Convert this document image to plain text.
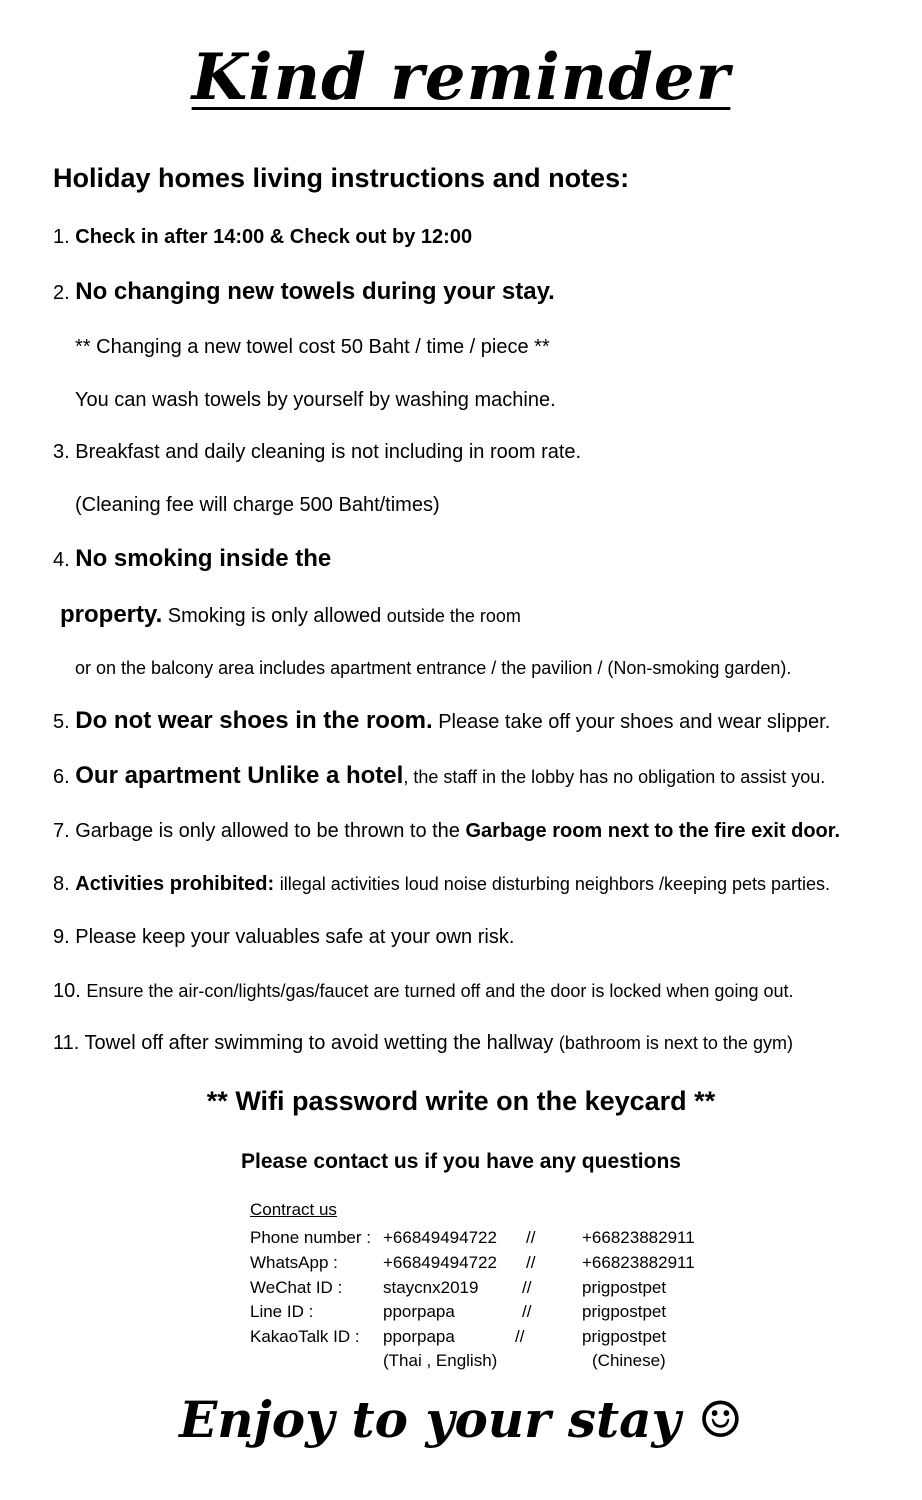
Kind reminder
Holiday homes living instructions and notes:
1. Check in after 14:00 & Check out by 12:00
2. No changing new towels during your stay.
** Changing a new towel cost 50 Baht / time / piece **
You can wash towels by yourself by washing machine.
3. Breakfast and daily cleaning is not including in room rate.
(Cleaning fee will charge 500 Baht/times)
4. No smoking inside the
property. Smoking is only allowed outside the room
or on the balcony area includes apartment entrance / the pavilion / (Non-smoking garden).
5. Do not wear shoes in the room. Please take off your shoes and wear slipper.
6. Our apartment Unlike a hotel, the staff in the lobby has no obligation to assist you.
7. Garbage is only allowed to be thrown to the Garbage room next to the fire exit door.
8. Activities prohibited: illegal activities loud noise disturbing neighbors /keeping pets parties.
9. Please keep your valuables safe at your own risk.
10. Ensure the air-con/lights/gas/faucet are turned off and the door is locked when going out.
11. Towel off after swimming to avoid wetting the hallway (bathroom is next to the gym)
** Wifi password write on the keycard **
Please contact us if you have any questions
Contract us
Phone number : +66849494722 //	+66823882911
WhatsApp :	+66849494722 //	+66823882911
WeChat ID : staycnx2019	//	prigpostpet
Line ID :	pporpapa	//	prigpostpet
KakaoTalk ID : pporpapa	//	prigpostpet
(Thai , English)	(Chinese)
Enjoy to your stay ☺
